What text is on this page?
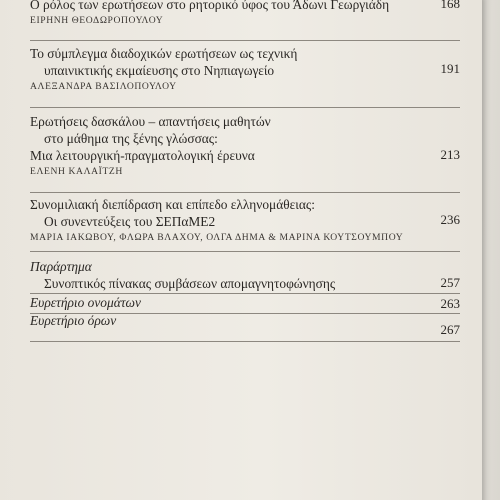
Ο ρόλος των ερωτήσεων στο ρητορικό ύφος του Άδωνι Γεωργιάδη
ΕΙΡΗΝΗ ΘΕΟΔΩΡΟΠΟΥΛΟΥ
168
Το σύμπλεγμα διαδοχικών ερωτήσεων ως τεχνική
υπαινικτικής εκμαίευσης στο Νηπιαγωγείο
ΑΛΕΞΑΝΔΡΑ ΒΑΣΙΛΟΠΟΥΛΟΥ
191
Ερωτήσεις δασκάλου – απαντήσεις μαθητών
στο μάθημα της ξένης γλώσσας:
Μια λειτουργική-πραγματολογική έρευνα
ΕΛΕΝΗ ΚΑΛΑΪΤΖΗ
213
Συνομιλιακή διεπίδραση και επίπεδο ελληνομάθειας:
Οι συνεντεύξεις του ΣΕΠαΜΕ2
ΜΑΡΙΑ ΙΑΚΩΒΟΥ, ΦΛΩΡΑ ΒΛΑΧΟΥ, ΟΛΓΑ ΔΗΜΑ & ΜΑΡΙΝΑ ΚΟΥΤΣΟΥΜΠΟΥ
236
Παράρτημα
Συνοπτικός πίνακας συμβάσεων απομαγνητοφώνησης	257
Ευρετήριο ονομάτων	263
Ευρετήριο όρων
267
